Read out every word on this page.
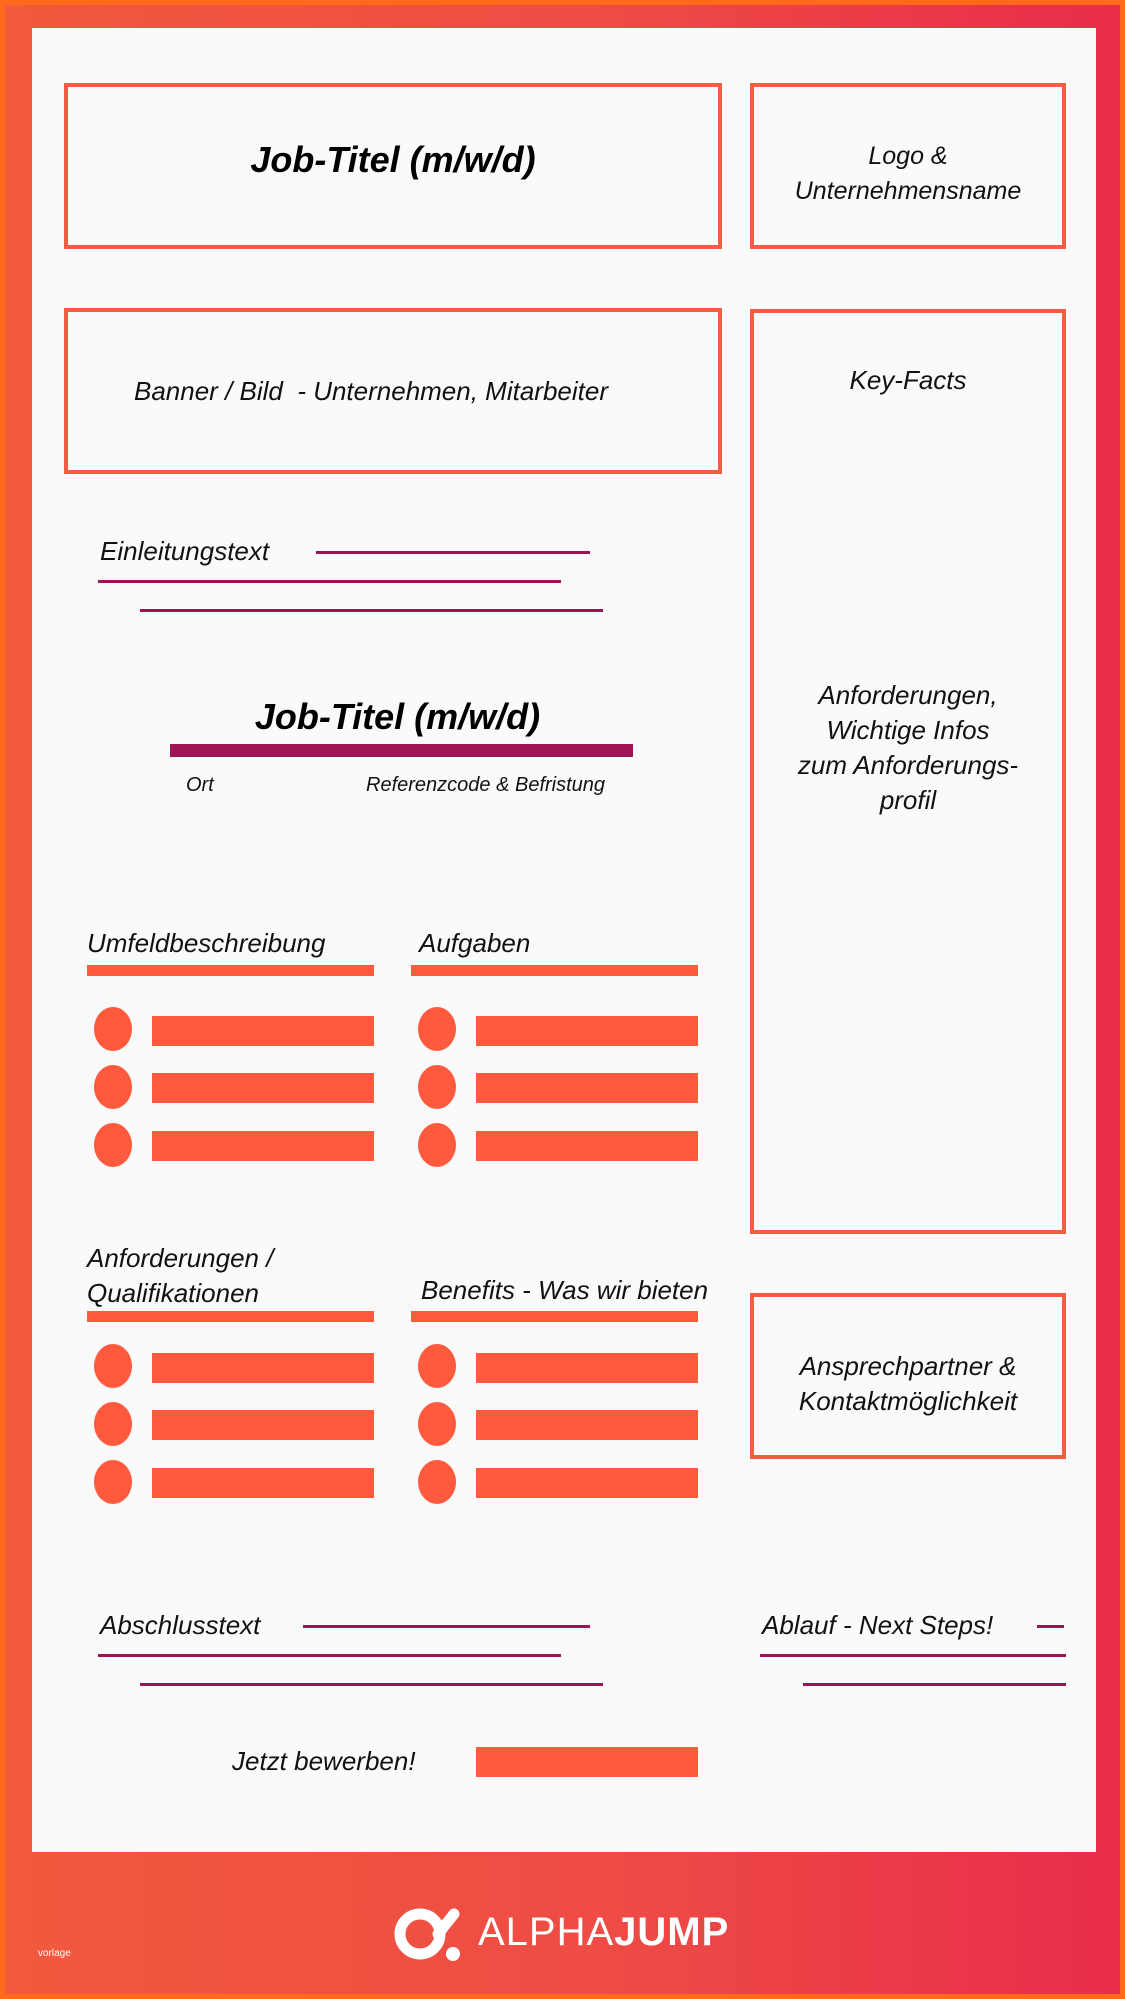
Job-Titel (m/w/d)	Logo &
Unternehmensname
Banner / Bild  - Unternehmen, Mitarbeiter	Key-Facts
Anforderungen,
Wichtige Infos
zum Anforderungs-
profil
Einleitungstext
Job-Titel (m/w/d)
Ort	Referenzcode & Befristung
Umfeldbeschreibung	Aufgaben
Anforderungen /
Qualifikationen	Benefits - Was wir bieten
Ansprechpartner &
Kontaktmöglichkeit
Abschlusstext	Ablauf - Next Steps!
Jetzt bewerben!
ALPHAJUMP
vorlage
